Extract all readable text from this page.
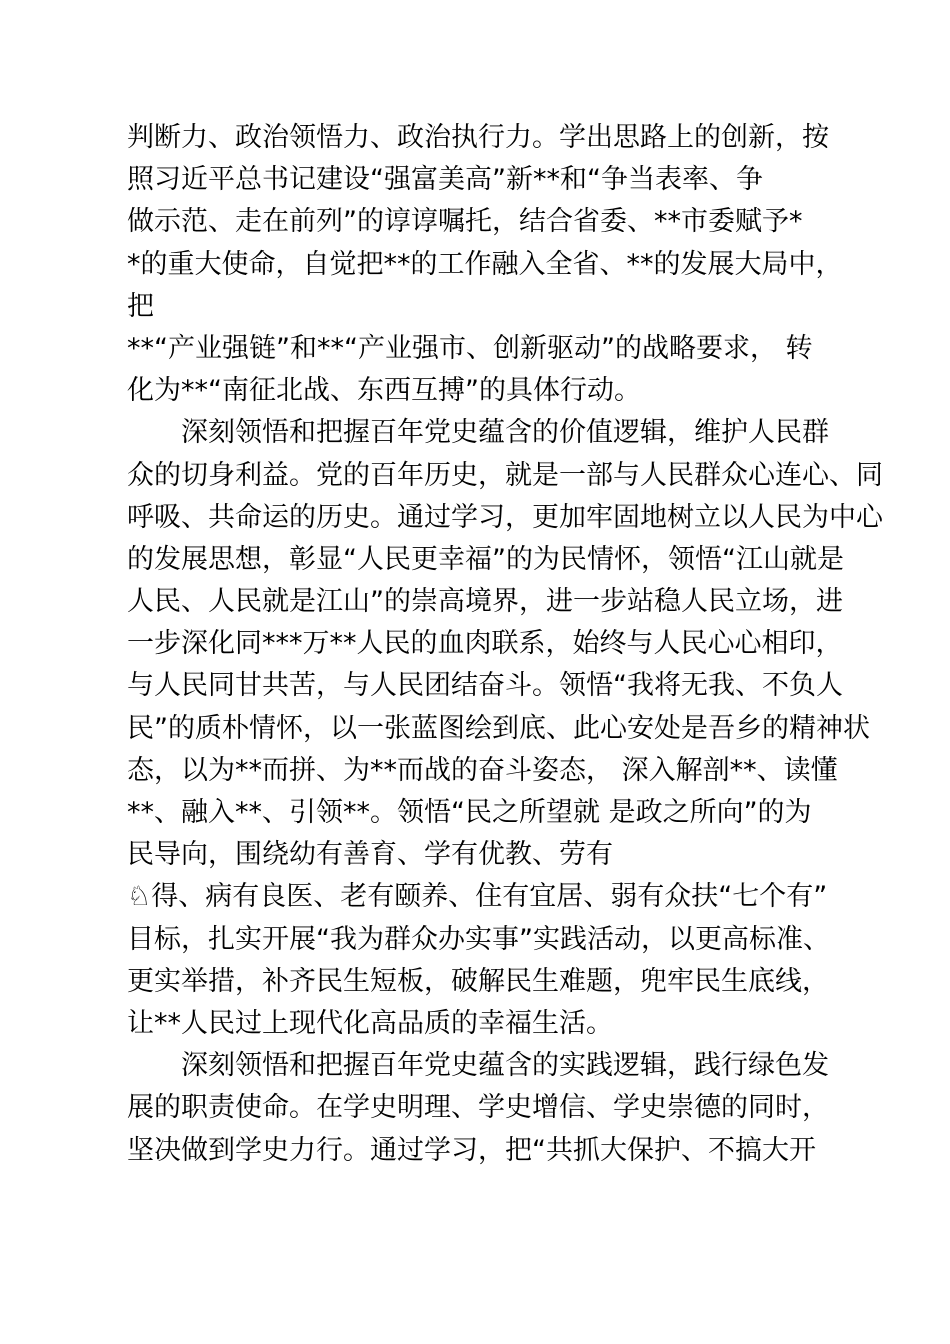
判断力、政治领悟力、政治执行力。学出思路上的创新，按
照习近平总书记建设“强富美高”新**和“争当表率、争
做示范、走在前列”的谆谆嘱托，结合省委、**市委赋予*
*的重大使命，自觉把**的工作融入全省、**的发展大局中，
把
**“产业强链”和**“产业强市、创新驱动”的战略要求， 转
化为**“南征北战、东西互搏”的具体行动。
　　深刻领悟和把握百年党史蕴含的价值逻辑，维护人民群
众的切身利益。党的百年历史，就是一部与人民群众心连心、同
呼吸、共命运的历史。通过学习，更加牢固地树立以人民为中心
的发展思想，彰显“人民更幸福”的为民情怀，领悟“江山就是
人民、人民就是江山”的崇高境界，进一步站稳人民立场，进
一步深化同***万**人民的血肉联系，始终与人民心心相印，
与人民同甘共苦，与人民团结奋斗。领悟“我将无我、不负人
民”的质朴情怀，以一张蓝图绘到底、此心安处是吾乡的精神状
态，以为**而拼、为**而战的奋斗姿态， 深入解剖**、读懂
**、融入**、引领**。领悟“民之所望就 是政之所向”的为
民导向，围绕幼有善育、学有优教、劳有
♘得、病有良医、老有颐养、住有宜居、弱有众扶“七个有”
目标，扎实开展“我为群众办实事”实践活动，以更高标准、
更实举措，补齐民生短板，破解民生难题，兜牢民生底线，
让**人民过上现代化高品质的幸福生活。
　　深刻领悟和把握百年党史蕴含的实践逻辑，践行绿色发
展的职责使命。在学史明理、学史增信、学史崇德的同时，
坚决做到学史力行。通过学习，把“共抓大保护、不搞大开
